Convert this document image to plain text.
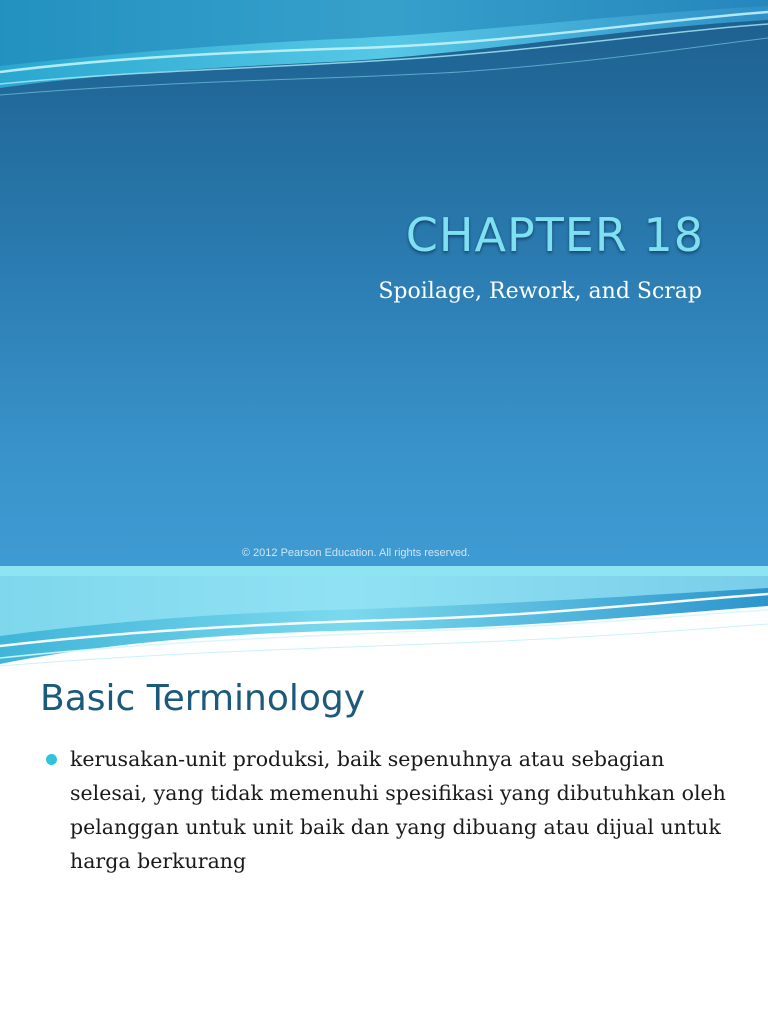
CHAPTER 18
Spoilage, Rework, and Scrap
© 2012 Pearson Education. All rights reserved.
Basic Terminology
kerusakan-unit produksi, baik sepenuhnya atau sebagian selesai, yang tidak memenuhi spesifikasi yang dibutuhkan oleh pelanggan untuk unit baik dan yang dibuang atau dijual untuk harga berkurang
